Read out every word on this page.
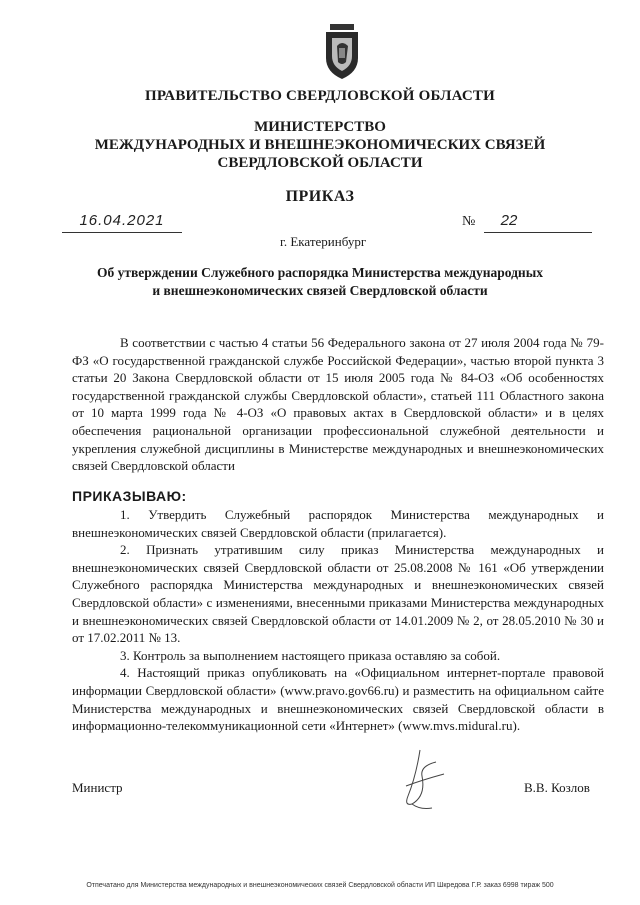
ПРАВИТЕЛЬСТВО СВЕРДЛОВСКОЙ ОБЛАСТИ
МИНИСТЕРСТВО
МЕЖДУНАРОДНЫХ И ВНЕШНЕЭКОНОМИЧЕСКИХ СВЯЗЕЙ
СВЕРДЛОВСКОЙ ОБЛАСТИ
ПРИКАЗ
16.04.2021	№	22
г. Екатеринбург
Об утверждении Служебного распорядка Министерства международных
и внешнеэкономических связей Свердловской области
В соответствии с частью 4 статьи 56 Федерального закона от 27 июля 2004 года № 79-ФЗ «О государственной гражданской службе Российской Федерации», частью второй пункта 3 статьи 20 Закона Свердловской области от 15 июля 2005 года № 84-ОЗ «Об особенностях государственной гражданской службы Свердловской области», статьей 111 Областного закона от 10 марта 1999 года № 4-ОЗ «О правовых актах в Свердловской области» и в целях обеспечения рациональной организации профессиональной служебной деятельности и укрепления служебной дисциплины в Министерстве международных и внешнеэкономических связей Свердловской области
ПРИКАЗЫВАЮ:

1. Утвердить Служебный распорядок Министерства международных и внешнеэкономических связей Свердловской области (прилагается).

2. Признать утратившим силу приказ Министерства международных и внешнеэкономических связей Свердловской области от 25.08.2008 № 161 «Об утверждении Служебного распорядка Министерства международных и внешнеэкономических связей Свердловской области» с изменениями, внесенными приказами Министерства международных и внешнеэкономических связей Свердловской области от 14.01.2009 № 2, от 28.05.2010 № 30 и от 17.02.2011 № 13.

3. Контроль за выполнением настоящего приказа оставляю за собой.

4. Настоящий приказ опубликовать на «Официальном интернет-портале правовой информации Свердловской области» (www.pravo.gov66.ru) и разместить на официальном сайте Министерства международных и внешнеэкономических связей Свердловской области в информационно-телекоммуникационной сети «Интернет» (www.mvs.midural.ru).

Министр	В.В. Козлов
Отпечатано для Министерства международных и внешнеэкономических связей Свердловской области ИП Шкредова Г.Р. заказ 6998 тираж 500
